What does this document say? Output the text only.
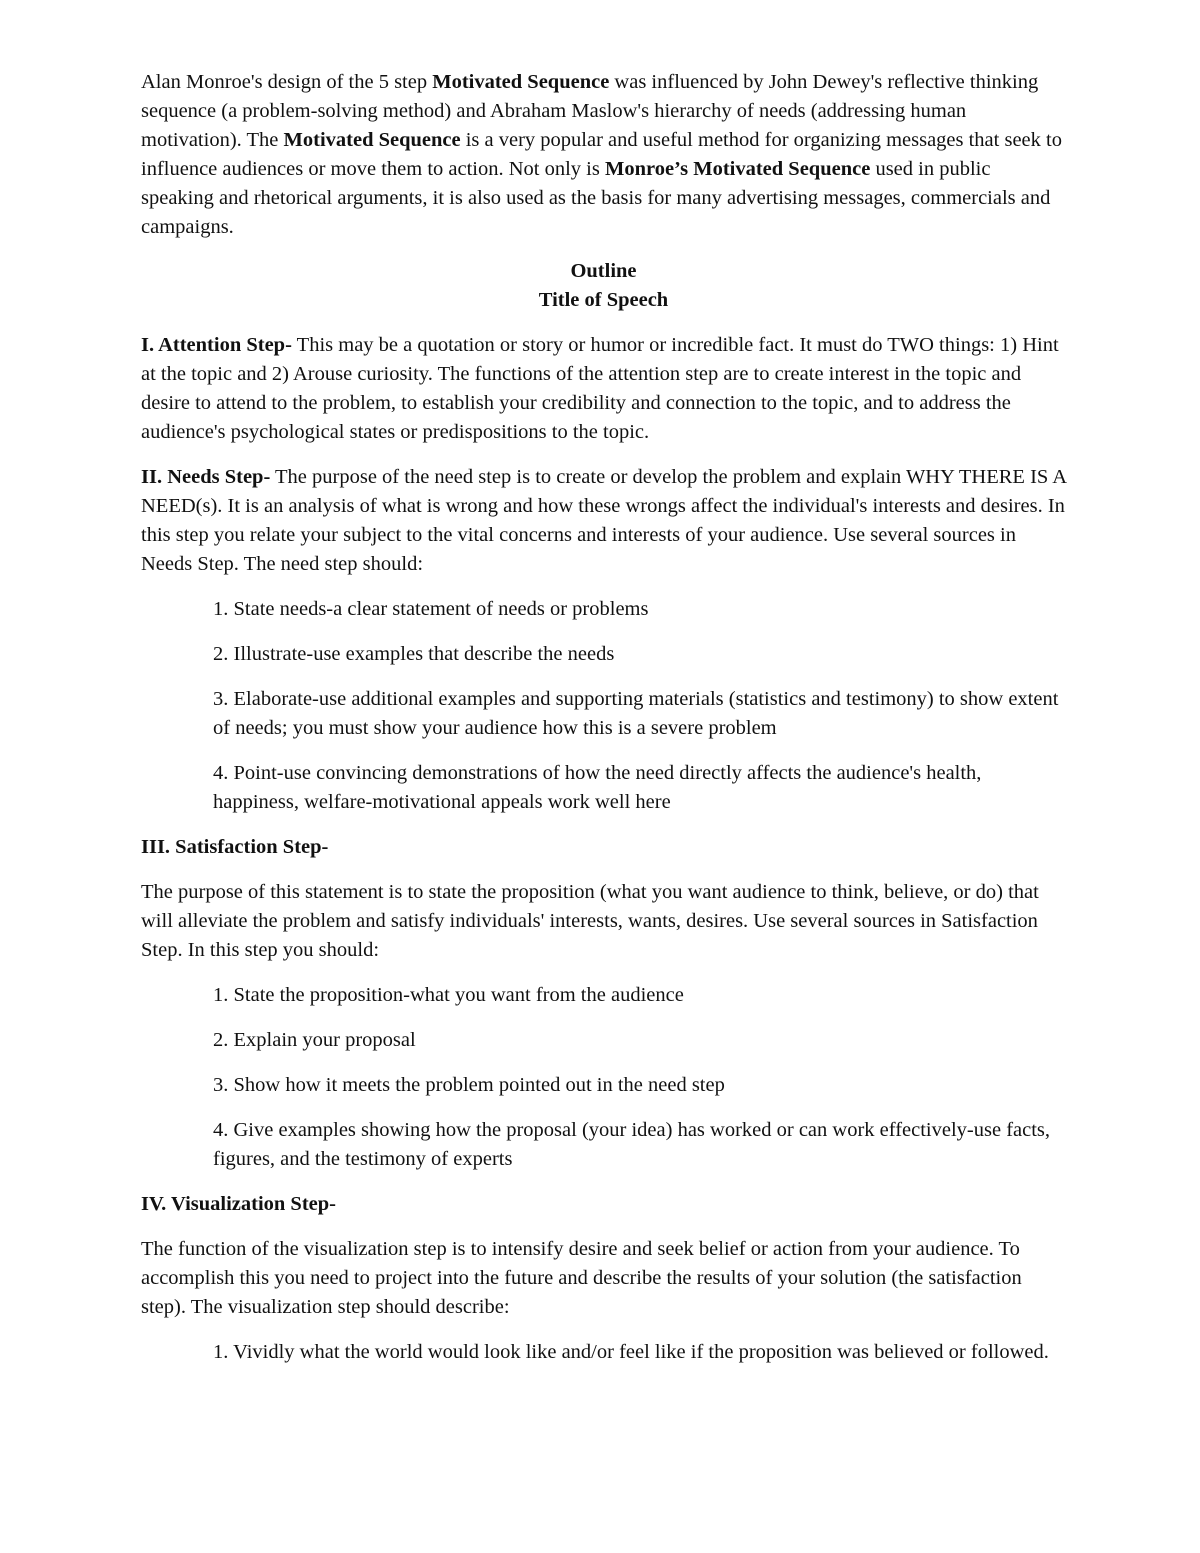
Alan Monroe's design of the 5 step Motivated Sequence was influenced by John Dewey's reflective thinking sequence (a problem-solving method) and Abraham Maslow's hierarchy of needs (addressing human motivation). The Motivated Sequence is a very popular and useful method for organizing messages that seek to influence audiences or move them to action. Not only is Monroe’s Motivated Sequence used in public speaking and rhetorical arguments, it is also used as the basis for many advertising messages, commercials and campaigns.

Outline
Title of Speech

I. Attention Step- This may be a quotation or story or humor or incredible fact. It must do TWO things: 1) Hint at the topic and 2) Arouse curiosity. The functions of the attention step are to create interest in the topic and desire to attend to the problem, to establish your credibility and connection to the topic, and to address the audience's psychological states or predispositions to the topic.

II. Needs Step- The purpose of the need step is to create or develop the problem and explain WHY THERE IS A NEED(s). It is an analysis of what is wrong and how these wrongs affect the individual's interests and desires. In this step you relate your subject to the vital concerns and interests of your audience. Use several sources in Needs Step. The need step should:

1. State needs-a clear statement of needs or problems
2. Illustrate-use examples that describe the needs
3. Elaborate-use additional examples and supporting materials (statistics and testimony) to show extent of needs; you must show your audience how this is a severe problem
4. Point-use convincing demonstrations of how the need directly affects the audience's health, happiness, welfare-motivational appeals work well here
III. Satisfaction Step-

The purpose of this statement is to state the proposition (what you want audience to think, believe, or do) that will alleviate the problem and satisfy individuals' interests, wants, desires. Use several sources in Satisfaction Step. In this step you should:

1. State the proposition-what you want from the audience
2. Explain your proposal
3. Show how it meets the problem pointed out in the need step
4. Give examples showing how the proposal (your idea) has worked or can work effectively-use facts, figures, and the testimony of experts
IV. Visualization Step-

The function of the visualization step is to intensify desire and seek belief or action from your audience. To accomplish this you need to project into the future and describe the results of your solution (the satisfaction step). The visualization step should describe:

1. Vividly what the world would look like and/or feel like if the proposition was believed or followed.
